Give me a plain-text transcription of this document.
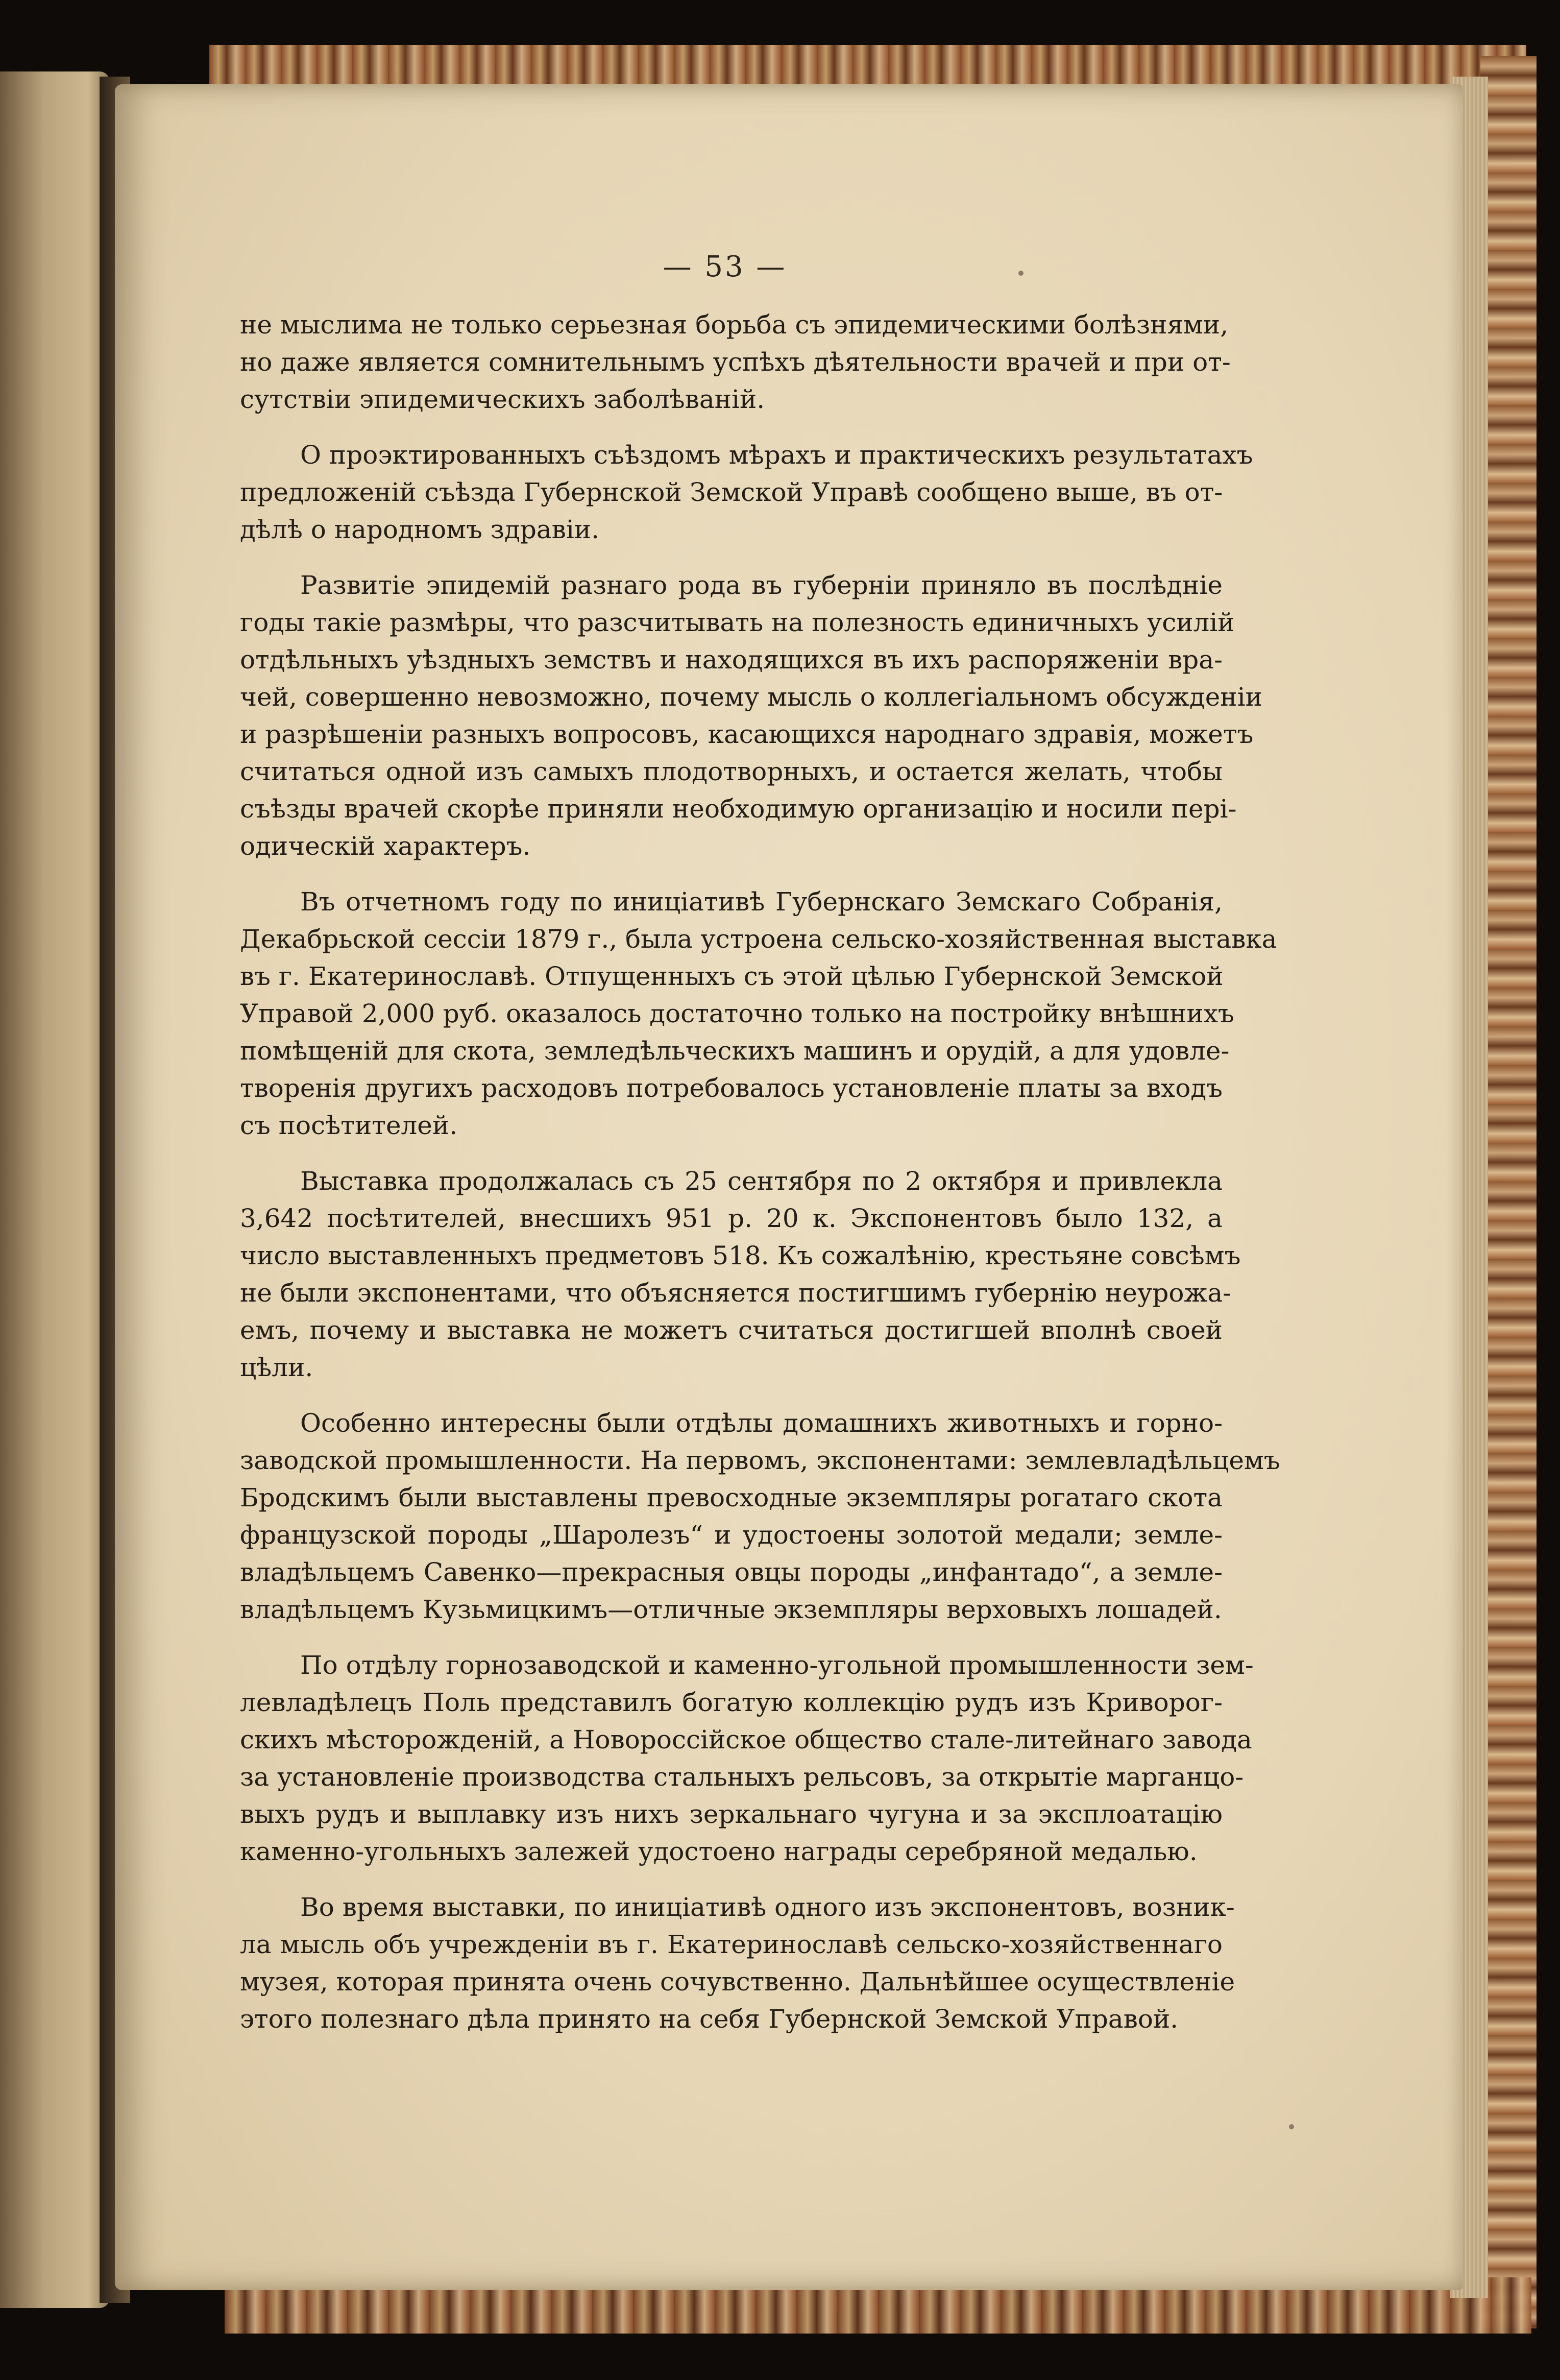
— 53 —
не мыслима не только серьезная борьба съ эпидемическими болѣзнями,
но даже является сомнительнымъ успѣхъ дѣятельности врачей и при от-
сутствіи эпидемическихъ заболѣваній.
О проэктированныхъ съѣздомъ мѣрахъ и практическихъ результатахъ
предложеній съѣзда Губернской Земской Управѣ сообщено выше, въ от-
дѣлѣ о народномъ здравіи.
Развитіе эпидемій разнаго рода въ губерніи приняло въ послѣдніе
годы такіе размѣры, что разсчитывать на полезность единичныхъ усилій
отдѣльныхъ уѣздныхъ земствъ и находящихся въ ихъ распоряженіи вра-
чей, совершенно невозможно, почему мысль о коллегіальномъ обсужденіи
и разрѣшеніи разныхъ вопросовъ, касающихся народнаго здравія, можетъ
считаться одной изъ самыхъ плодотворныхъ, и остается желать, чтобы
съѣзды врачей скорѣе приняли необходимую организацію и носили пері-
одическій характеръ.
Въ отчетномъ году по иниціативѣ Губернскаго Земскаго Собранія,
Декабрьской сессіи 1879 г., была устроена сельско-хозяйственная выставка
въ г. Екатеринославѣ. Отпущенныхъ съ этой цѣлью Губернской Земской
Управой 2,000 руб. оказалось достаточно только на постройку внѣшнихъ
помѣщеній для скота, земледѣльческихъ машинъ и орудій, а для удовле-
творенія другихъ расходовъ потребовалось установленіе платы за входъ
съ посѣтителей.
Выставка продолжалась съ 25 сентября по 2 октября и привлекла
3,642 посѣтителей, внесшихъ 951 р. 20 к. Экспонентовъ было 132, а
число выставленныхъ предметовъ 518. Къ сожалѣнію, крестьяне совсѣмъ
не были экспонентами, что объясняется постигшимъ губернію неурожа-
емъ, почему и выставка не можетъ считаться достигшей вполнѣ своей
цѣли.
Особенно интересны были отдѣлы домашнихъ животныхъ и горно-
заводской промышленности. На первомъ, экспонентами: землевладѣльцемъ
Бродскимъ были выставлены превосходные экземпляры рогатаго скота
французской породы „Шаролезъ“ и удостоены золотой медали; земле-
владѣльцемъ Савенко—прекрасныя овцы породы „инфантадо“, а земле-
владѣльцемъ Кузьмицкимъ—отличные экземпляры верховыхъ лошадей.
По отдѣлу горнозаводской и каменно-угольной промышленности зем-
левладѣлецъ Поль представилъ богатую коллекцію рудъ изъ Криворог-
скихъ мѣсторожденій, а Новороссійское общество стале-литейнаго завода
за установленіе производства стальныхъ рельсовъ, за открытіе марганцо-
выхъ рудъ и выплавку изъ нихъ зеркальнаго чугуна и за эксплоатацію
каменно-угольныхъ залежей удостоено награды серебряной медалью.
Во время выставки, по иниціативѣ одного изъ экспонентовъ, возник-
ла мысль объ учрежденіи въ г. Екатеринославѣ сельско-хозяйственнаго
музея, которая принята очень сочувственно. Дальнѣйшее осуществленіе
этого полезнаго дѣла принято на себя Губернской Земской Управой.
